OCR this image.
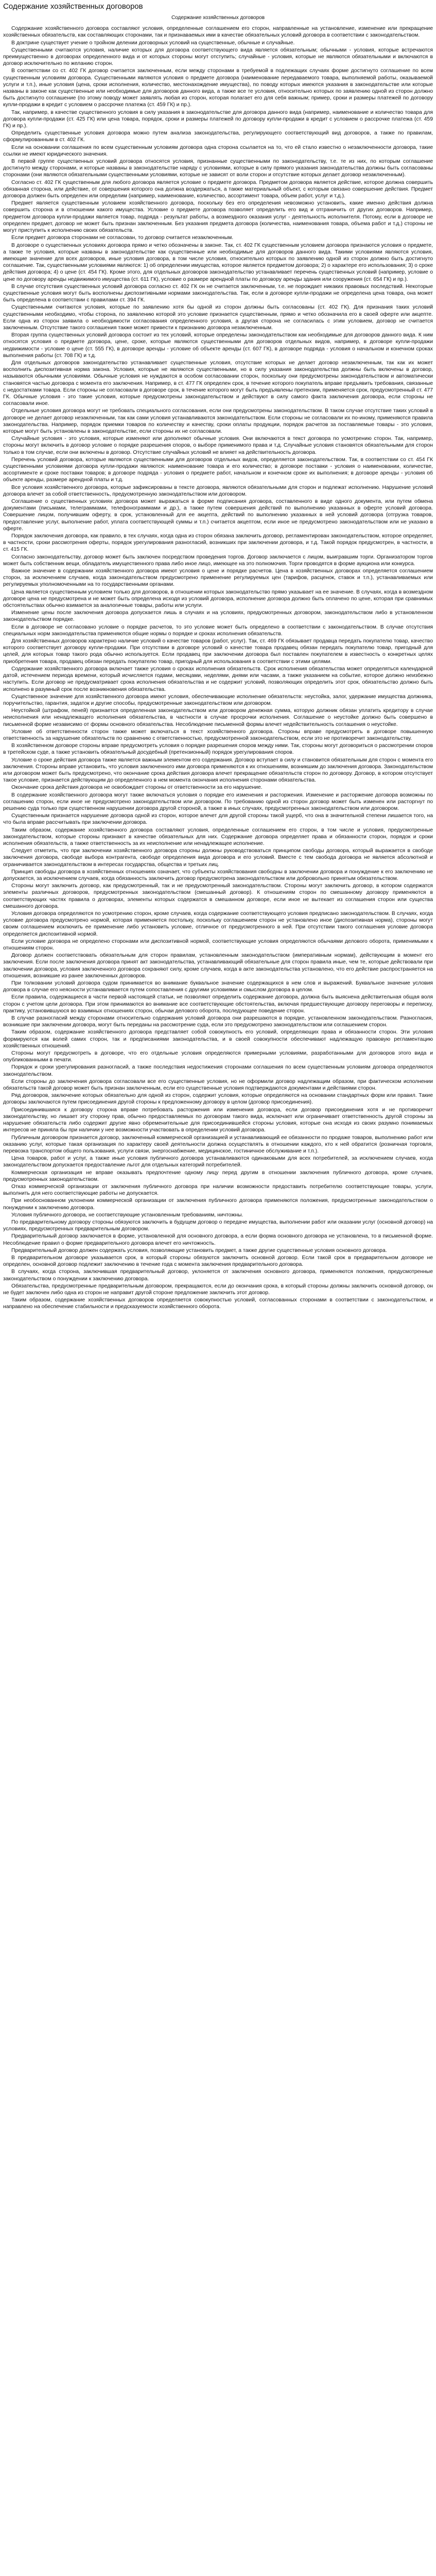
Содержание хозяйственных договоров
Содержание хозяйственных договоров

Содержание хозяйственного договора составляют условия, определенные соглашением его сторон, направленные на установление, изменение или прекращение хозяйственных обязательств, как составляющих сторонами, так и признаваемых ими в качестве обязательных условий договора в соответствии с законодательством.

В доктрине существует учение о тройном делении договорных условий на существенные, обычные и случайные.

Существенными считаются условия, наличие которых для договора соответствующего вида является обязательным; обычными - условия, которые встречаются преимущественно в договорах определенного вида и от которых стороны могут отступить; случайные - условия, которые не являются обязательными и включаются в договор исключительно по желанию сторон.

В соответствии со ст. 402 ГК договор считается заключенным, если между сторонами в требуемой в подлежащих случаях форме достигнуто соглашение по всем существенным условиям договора. Существенными являются условия о предмете договора (наименование передаваемого товара, выполняемой работы, оказываемой услуги и т.п.), иные условия (цена, сроки исполнения, количество, местонахождение имущества), по поводу которых имеются указания в законодательстве или которые названы в законе как существенные или необходимые для договоров данного вида, а также все те условия, относительно которых по заявлению одной из сторон должно быть достигнуто соглашение (по этому поводу может заявлять любая из сторон, которая полагает его для себя важным; пример, сроки и размеры платежей по договору купли-продажи в кредит с условием о рассрочке платежа (ст. 459 ГК) и пр.).

Так, например, в качестве существенного условия в силу указания в законодательстве для договора данного вида (например, наименование и количество товара для договора купли-продажи (ст. 425 ГК) или цена товара, порядок, сроки и размеры платежей по договору купли-продажи в кредит с условием о рассрочке платежа (ст. 459 ГК) и пр.).

Определить существенные условия договора можно путем анализа законодательства, регулирующего соответствующий вид договоров, а также по правилам, сформулированным в ст. 402 ГК.

Если на основании соглашения по всем существенным условиям договора одна сторона ссылается на то, что ей стало известно о незаключенности договора, такие ссылки не имеют юридического значения.

В первой группе существенных условий договора относятся условия, признанные существенными по законодательству, т.е. те из них, по которым соглашение достигнуто между сторонами, и которые названы в законодательстве наряду с условиями, которые в силу прямого указания законодательства должны быть согласованы сторонами (они являются обязательными существенными условиями, которые не зависят от воли сторон и отсутствие которых делает договор незаключенным).

Согласно ст. 402 ГК существенным для любого договора является условие о предмете договора. Предметом договора является действие, которое должна совершить обязанная сторона, или действие, от совершения которого она должна воздержаться, а также материальный объект, с которым связано совершение действия. Предмет договора должен быть определен или определим (например, наименование, количество, ассортимент товара, объем работ, услуг и т.д.).

Предмет является существенным условием хозяйственного договора, поскольку без его определения невозможно установить, какие именно действия должна совершить сторона и в отношении какого имущества. Условие о предмете договора позволяет определить его вид и отграничить от других договоров. Например, предметом договора купли-продажи является товар, подряда - результат работы, а возмездного оказания услуг - деятельность исполнителя. Потому, если в договоре не определен предмет, договор не может быть признан заключенным. Без указания предмета договора (количества, наименования товара, объема работ и т.д.) стороны не могут приступить к исполнению своих обязательств.

Если предмет договора сторонами не согласован, то договор считается незаключенным.

В договоре о существенных условиях договора прямо и четко обозначены в законе. Так, ст. 402 ГК существенным условием договора признаются условия о предмете, а также те условия, которые названы в законодательстве как существенные или необходимые для договоров данного вида. Такими условиями являются условия, имеющие значение для всех договоров, иные условия договора, в том числе условия, относительно которых по заявлению одной из сторон должно быть достигнуто соглашение. Так, существенными условиями являются: 1) об определении имущества, которое является предметом договора; 2) о характере его использования; 3) о сроке действия договора; 4) о цене (ст. 454 ГК). Кроме этого, для отдельных договоров законодательство устанавливает перечень существенных условий (например, условие о цене по договору аренды недвижимого имущества (ст. 611 ГК), условие о размере арендной платы по договору аренды здания или сооружения (ст. 654 ГК) и пр.).

В случае отсутствия существенных условий договора согласно ст. 402 ГК он не считается заключенным, т.е. не порождает никаких правовых последствий. Некоторые существенные условия могут быть восполнены диспозитивными нормами законодательства. Так, если в договоре купли-продажи не определена цена товара, она может быть определена в соответствии с правилами ст. 394 ГК.

Существенными считаются условия, которые по заявлению хотя бы одной из сторон должны быть согласованы (ст. 402 ГК). Для признания таких условий существенными необходимо, чтобы сторона, по заявлению которой это условие признается существенным, прямо и четко обозначила его в своей оферте или акцепте. Если одна из сторон заявила о необходимости согласования определенного условия, а другая сторона не согласилась с этим условием, договор не считается заключенным. Отсутствие такого соглашения также может привести к признанию договора незаключенным.

Вторая группа существенных условий договора состоит из тех условий, которые определены законодательством как необходимые для договоров данного вида. К ним относятся условия о предмете договора, цене, сроке, которые являются существенными для договоров отдельных видов, например, в договоре купли-продажи недвижимости - условие о цене (ст. 555 ГК), в договоре аренды - условие об объекте аренды (ст. 607 ГК), в договоре подряда - условия о начальном и конечном сроках выполнения работы (ст. 708 ГК) и т.д.

Для отдельных договоров законодательство устанавливает существенные условия, отсутствие которых не делает договор незаключенным, так как их может восполнить диспозитивная норма закона. Условия, которые не являются существенными, но в силу указания законодательства должны быть включены в договор, называются обычными условиями. Обычные условия не нуждаются в особом согласовании сторон, поскольку они предусмотрены законодательством и автоматически становятся частью договора с момента его заключения. Например, в ст. 477 ГК определен срок, в течение которого покупатель вправе предъявить требования, связанные с недостатками товара. Если стороны не согласовали в договоре срок, в течение которого могут быть предъявлены претензии, применяется срок, предусмотренный ст. 477 ГК. Обычные условия - это такие условия, которые предусмотрены законодательством и действуют в силу самого факта заключения договора, если стороны не согласовали иное.

Отдельные условия договора могут не требовать специального согласования, если они предусмотрены законодательством. В таком случае отсутствие таких условий в договоре не делает договор незаключенным, так как сами условия устанавливаются законодательством. Если стороны не согласовали их по-иному, применяются правила законодательства. Например, порядок приемки товаров по количеству и качеству, сроки оплаты продукции, порядок расчетов за поставляемые товары - это условия, которые могут быть установлены в законодательстве, если стороны их не согласовали.

Случайные условия - это условия, которые изменяют или дополняют обычные условия. Они включаются в текст договора по усмотрению сторон. Так, например, стороны могут включить в договор условие о порядке разрешения споров, о выборе применимого права и т.д. Случайные условия становятся обязательными для сторон только в том случае, если они включены в договор. Отсутствие случайных условий не влияет на действительность договора.

Перечень условий договора, которые являются существенными для договоров отдельных видов, определяется законодательством. Так, в соответствии со ст. 454 ГК существенными условиями договора купли-продажи являются: наименование товара и его количество; в договоре поставки - условия о наименовании, количестве, ассортименте и сроке поставки товаров; в договоре подряда - условия о предмете работ, начальном и конечном сроке их выполнения; в договоре аренды - условия об объекте аренды, размере арендной платы и т.д.

Все условия хозяйственного договора, которые зафиксированы в тексте договора, являются обязательными для сторон и подлежат исполнению. Нарушение условий договора влечет за собой ответственность, предусмотренную законодательством или договором.

Соглашение о существенных условиях договора может выражаться в форме подписания договора, составленного в виде одного документа, или путем обмена документами (письмами, телеграммами, телефонограммами и др.), а также путем совершения действий по выполнению указанных в оферте условий договора. Совершение лицом, получившим оферту, в срок, установленный для ее акцепта, действий по выполнению указанных в ней условий договора (отгрузка товаров, предоставление услуг, выполнение работ, уплата соответствующей суммы и т.п.) считается акцептом, если иное не предусмотрено законодательством или не указано в оферте.

Порядок заключения договора, как правило, в тех случаях, когда одна из сторон обязана заключить договор, регламентирован законодательством, которое определяет, в частности, сроки рассмотрения оферты, порядок урегулирования разногласий, возникших при заключении договора, и т.д. Такой порядок предусмотрен, в частности, в ст. 415 ГК.

Согласно законодательству, договор может быть заключен посредством проведения торгов. Договор заключается с лицом, выигравшим торги. Организатором торгов может быть собственник вещи, обладатель имущественного права либо иное лицо, имеющее на это полномочия. Торги проводятся в форме аукциона или конкурса.

Важное значение в содержании хозяйственного договора имеют условия о цене и порядке расчетов. Цена в хозяйственных договорах определяется соглашением сторон, за исключением случаев, когда законодательством предусмотрено применение регулируемых цен (тарифов, расценок, ставок и т.п.), устанавливаемых или регулируемых уполномоченными на то государственными органами.

Цена является существенным условием только для договоров, в отношении которых законодательство прямо указывает на ее значение. В случаях, когда в возмездном договоре цена не предусмотрена и не может быть определена исходя из условий договора, исполнение договора должно быть оплачено по цене, которая при сравнимых обстоятельствах обычно взимается за аналогичные товары, работы или услуги.

Изменение цены после заключения договора допускается лишь в случаях и на условиях, предусмотренных договором, законодательством либо в установленном законодательством порядке.

Если в договоре не согласовано условие о порядке расчетов, то это условие может быть определено в соответствии с законодательством. В случае отсутствия специальных норм законодательства применяются общие нормы о порядке и сроках исполнения обязательств.

Для хозяйственных договоров характерно наличие условий о качестве товаров (работ, услуг). Так, ст. 469 ГК обязывает продавца передать покупателю товар, качество которого соответствует договору купли-продажи. При отсутствии в договоре условий о качестве товара продавец обязан передать покупателю товар, пригодный для целей, для которых товар такого рода обычно используется. Если продавец при заключении договора был поставлен покупателем в известность о конкретных целях приобретения товара, продавец обязан передать покупателю товар, пригодный для использования в соответствии с этими целями.

Содержание хозяйственного договора включает также условия о сроках исполнения обязательств. Срок исполнения обязательства может определяться календарной датой, истечением периода времени, который исчисляется годами, месяцами, неделями, днями или часами, а также указанием на событие, которое должно неизбежно наступить. Если договор не предусматривает срока исполнения обязательства и не содержит условий, позволяющих определить этот срок, обязательство должно быть исполнено в разумный срок после возникновения обязательства.

Существенное значение для хозяйственного договора имеют условия, обеспечивающие исполнение обязательств: неустойка, залог, удержание имущества должника, поручительство, гарантия, задаток и другие способы, предусмотренные законодательством или договором.

Неустойкой (штрафом, пеней) признается определенная законодательством или договором денежная сумма, которую должник обязан уплатить кредитору в случае неисполнения или ненадлежащего исполнения обязательства, в частности в случае просрочки исполнения. Соглашение о неустойке должно быть совершено в письменной форме независимо от формы основного обязательства. Несоблюдение письменной формы влечет недействительность соглашения о неустойке.

Условие об ответственности сторон также может включаться в текст хозяйственного договора. Стороны вправе предусмотреть в договоре повышенную ответственность за нарушение обязательств по сравнению с ответственностью, предусмотренной законодательством, если это не противоречит законодательству.

В хозяйственном договоре стороны вправе предусмотреть условия о порядке разрешения споров между ними. Так, стороны могут договориться о рассмотрении споров в третейском суде, а также установить обязательный досудебный (претензионный) порядок урегулирования споров.

Условие о сроке действия договора также является важным элементом его содержания. Договор вступает в силу и становится обязательным для сторон с момента его заключения. Стороны вправе установить, что условия заключенного ими договора применяются к их отношениям, возникшим до заключения договора. Законодательством или договором может быть предусмотрено, что окончание срока действия договора влечет прекращение обязательств сторон по договору. Договор, в котором отсутствует такое условие, признается действующим до определенного в нем момента окончания исполнения сторонами обязательства.

Окончание срока действия договора не освобождает стороны от ответственности за его нарушение.

В содержание хозяйственного договора могут также включаться условия о порядке его изменения и расторжения. Изменение и расторжение договора возможны по соглашению сторон, если иное не предусмотрено законодательством или договором. По требованию одной из сторон договор может быть изменен или расторгнут по решению суда только при существенном нарушении договора другой стороной, а также в иных случаях, предусмотренных законодательством или договором.

Существенным признается нарушение договора одной из сторон, которое влечет для другой стороны такой ущерб, что она в значительной степени лишается того, на что была вправе рассчитывать при заключении договора.

Таким образом, содержание хозяйственного договора составляют условия, определенные соглашением его сторон, в том числе и условия, предусмотренные законодательством, которые стороны признают в качестве обязательных для них. Содержание договора определяет права и обязанности сторон, порядок и сроки исполнения обязательств, а также ответственность за их неисполнение или ненадлежащее исполнение.

Следует отметить, что при заключении хозяйственного договора стороны должны руководствоваться принципом свободы договора, который выражается в свободе заключения договора, свободе выбора контрагента, свободе определения вида договора и его условий. Вместе с тем свобода договора не является абсолютной и ограничивается законодательством в интересах государства, общества и третьих лиц.

Принцип свободы договора в хозяйственных отношениях означает, что субъекты хозяйствования свободны в заключении договора и понуждение к его заключению не допускается, за исключением случаев, когда обязанность заключить договор предусмотрена законодательством или добровольно принятым обязательством.

Стороны могут заключить договор, как предусмотренный, так и не предусмотренный законодательством. Стороны могут заключить договор, в котором содержатся элементы различных договоров, предусмотренных законодательством (смешанный договор). К отношениям сторон по смешанному договору применяются в соответствующих частях правила о договорах, элементы которых содержатся в смешанном договоре, если иное не вытекает из соглашения сторон или существа смешанного договора.

Условия договора определяются по усмотрению сторон, кроме случаев, когда содержание соответствующего условия предписано законодательством. В случаях, когда условие договора предусмотрено нормой, которая применяется постольку, поскольку соглашением сторон не установлено иное (диспозитивная норма), стороны могут своим соглашением исключить ее применение либо установить условие, отличное от предусмотренного в ней. При отсутствии такого соглашения условие договора определяется диспозитивной нормой.

Если условие договора не определено сторонами или диспозитивной нормой, соответствующие условия определяются обычаями делового оборота, применимыми к отношениям сторон.

Договор должен соответствовать обязательным для сторон правилам, установленным законодательством (императивным нормам), действующим в момент его заключения. Если после заключения договора принят акт законодательства, устанавливающий обязательные для сторон правила иные, чем те, которые действовали при заключении договора, условия заключенного договора сохраняют силу, кроме случаев, когда в акте законодательства установлено, что его действие распространяется на отношения, возникшие из ранее заключенных договоров.

При толковании условий договора судом принимается во внимание буквальное значение содержащихся в нем слов и выражений. Буквальное значение условия договора в случае его неясности устанавливается путем сопоставления с другими условиями и смыслом договора в целом.

Если правила, содержащиеся в части первой настоящей статьи, не позволяют определить содержание договора, должна быть выяснена действительная общая воля сторон с учетом цели договора. При этом принимаются во внимание все соответствующие обстоятельства, включая предшествующие договору переговоры и переписку, практику, установившуюся во взаимных отношениях сторон, обычаи делового оборота, последующее поведение сторон.

В случае разногласий между сторонами относительно содержания условий договора они разрешаются в порядке, установленном законодательством. Разногласия, возникшие при заключении договора, могут быть переданы на рассмотрение суда, если это предусмотрено законодательством или соглашением сторон.

Таким образом, содержание хозяйственного договора представляет собой совокупность его условий, определяющих права и обязанности сторон. Эти условия формируются как волей самих сторон, так и предписаниями законодательства, и в своей совокупности обеспечивают надлежащую правовую регламентацию хозяйственных отношений.

Стороны могут предусмотреть в договоре, что его отдельные условия определяются примерными условиями, разработанными для договоров этого вида и опубликованными в печати.

Порядок и сроки урегулирования разногласий, а также последствия недостижения сторонами соглашения по всем существенным условиям договора определяются законодательством.

Если стороны до заключения договора согласовали все его существенные условия, но не оформили договор надлежащим образом, при фактическом исполнении обязательств такой договор может быть признан заключенным, если его существенные условия подтверждаются документами и действиями сторон.

Ряд договоров, заключение которых обязательно для одной из сторон, содержит условия, которые определяются на основании стандартных форм или правил. Такие договоры заключаются путем присоединения другой стороны к предложенному договору в целом (договор присоединения).

Присоединившаяся к договору сторона вправе потребовать расторжения или изменения договора, если договор присоединения хотя и не противоречит законодательству, но лишает эту сторону прав, обычно предоставляемых по договорам такого вида, исключает или ограничивает ответственность другой стороны за нарушение обязательств либо содержит другие явно обременительные для присоединившейся стороны условия, которые она исходя из своих разумно понимаемых интересов не приняла бы при наличии у нее возможности участвовать в определении условий договора.

Публичным договором признается договор, заключенный коммерческой организацией и устанавливающий ее обязанности по продаже товаров, выполнению работ или оказанию услуг, которые такая организация по характеру своей деятельности должна осуществлять в отношении каждого, кто к ней обратится (розничная торговля, перевозка транспортом общего пользования, услуги связи, энергоснабжение, медицинское, гостиничное обслуживание и т.п.).

Цена товаров, работ и услуг, а также иные условия публичного договора устанавливаются одинаковыми для всех потребителей, за исключением случаев, когда законодательством допускается предоставление льгот для отдельных категорий потребителей.

Коммерческая организация не вправе оказывать предпочтение одному лицу перед другим в отношении заключения публичного договора, кроме случаев, предусмотренных законодательством.

Отказ коммерческой организации от заключения публичного договора при наличии возможности предоставить потребителю соответствующие товары, услуги, выполнить для него соответствующие работы не допускается.

При необоснованном уклонении коммерческой организации от заключения публичного договора применяются положения, предусмотренные законодательством о понуждении к заключению договора.

Условия публичного договора, не соответствующие установленным требованиям, ничтожны.

По предварительному договору стороны обязуются заключить в будущем договор о передаче имущества, выполнении работ или оказании услуг (основной договор) на условиях, предусмотренных предварительным договором.

Предварительный договор заключается в форме, установленной для основного договора, а если форма основного договора не установлена, то в письменной форме. Несоблюдение правил о форме предварительного договора влечет его ничтожность.

Предварительный договор должен содержать условия, позволяющие установить предмет, а также другие существенные условия основного договора.

В предварительном договоре указывается срок, в который стороны обязуются заключить основной договор. Если такой срок в предварительном договоре не определен, основной договор подлежит заключению в течение года с момента заключения предварительного договора.

В случаях, когда сторона, заключившая предварительный договор, уклоняется от заключения основного договора, применяются положения, предусмотренные законодательством о понуждении к заключению договора.

Обязательства, предусмотренные предварительным договором, прекращаются, если до окончания срока, в который стороны должны заключить основной договор, он не будет заключен либо одна из сторон не направит другой стороне предложение заключить этот договор.

Таким образом, содержание хозяйственных договоров определяется совокупностью условий, согласованных сторонами в соответствии с законодательством, и направлено на обеспечение стабильности и предсказуемости хозяйственного оборота.
